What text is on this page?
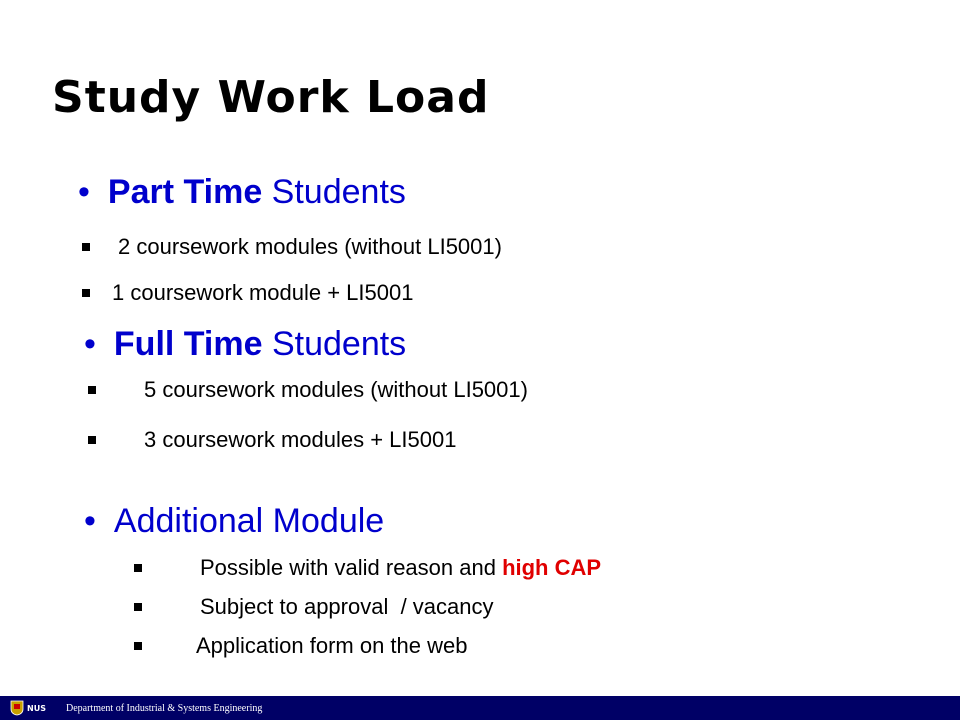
Study Work Load
• Part Time Students
2 coursework modules (without LI5001)
1 coursework module + LI5001
• Full Time Students
5 coursework modules (without LI5001)
3 coursework modules + LI5001
• Additional Module
Possible with valid reason and high CAP
Subject to approval  / vacancy
Application form on the web
NUS Department of Industrial & Systems Engineering
